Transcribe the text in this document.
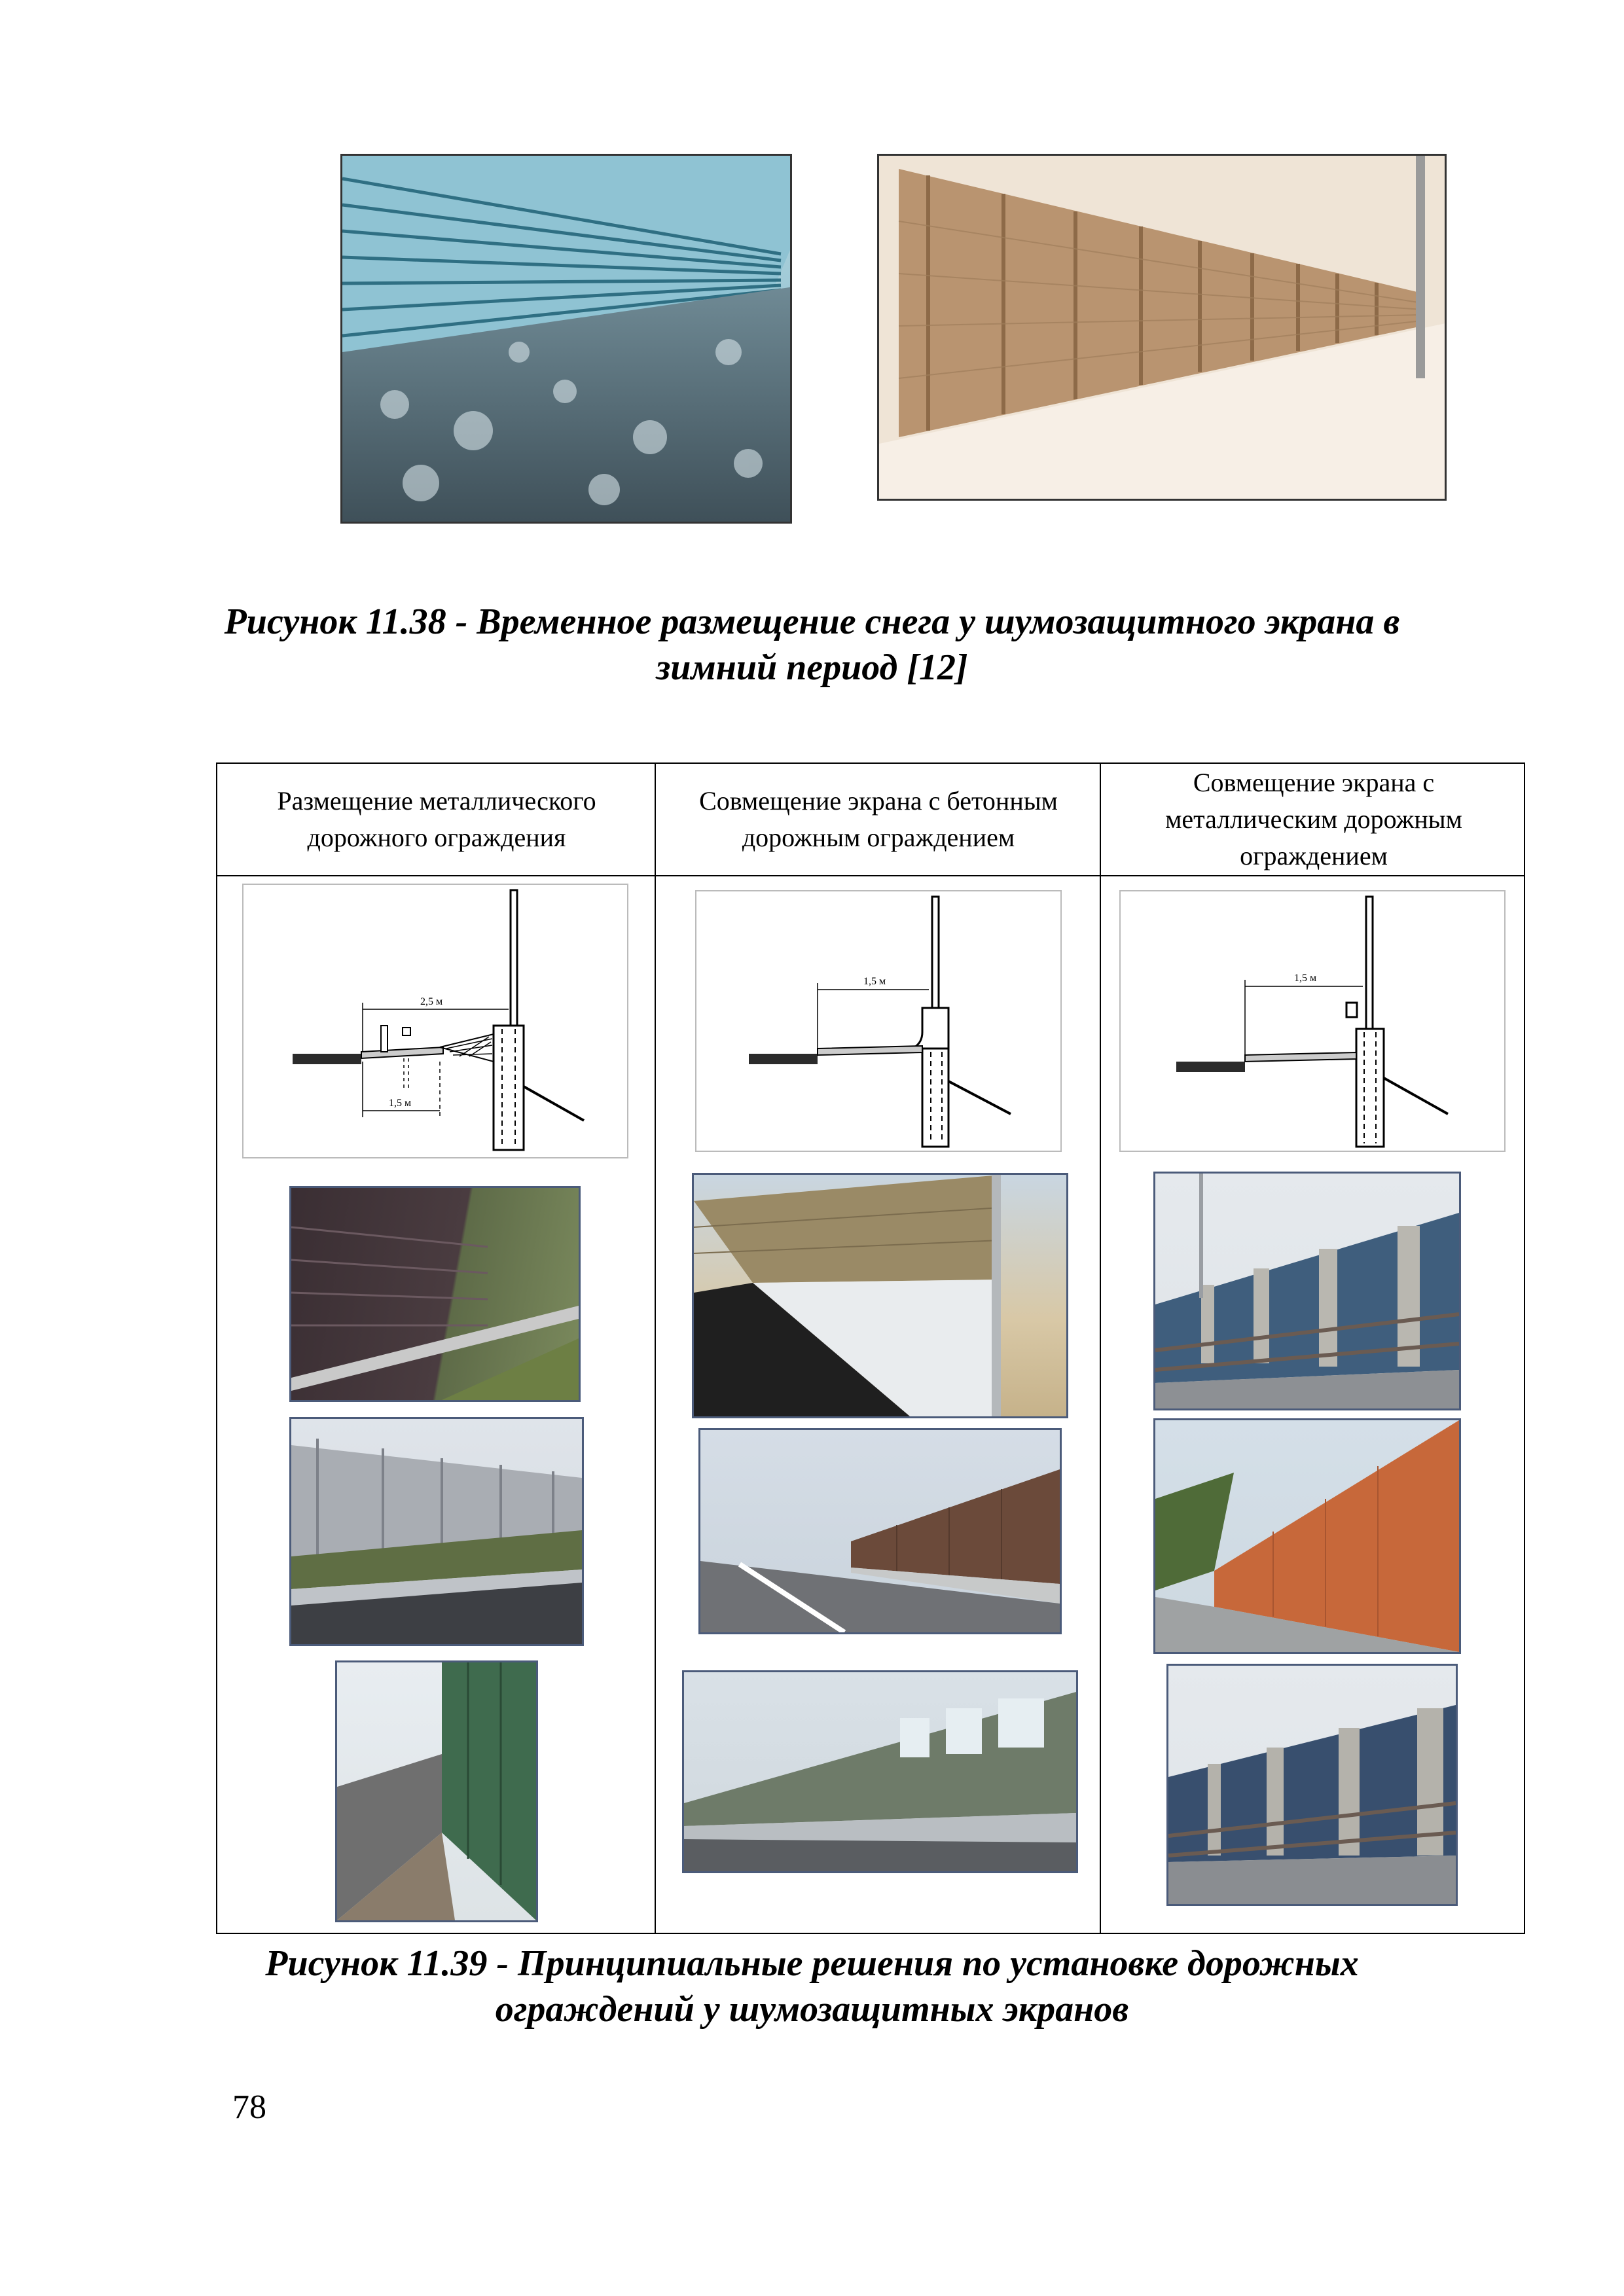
Рисунок 11.38 - Временное размещение снега у шумозащитного экрана в
зимний период [12]
Размещение металлического дорожного ограждения
Совмещение экрана с бетонным дорожным ограждением
Совмещение экрана с металлическим дорожным ограждением
2,5 м
1,5 м
1,5 м	1,5 м
Рисунок 11.39 - Принципиальные решения по установке дорожных
ограждений у шумозащитных экранов
78
